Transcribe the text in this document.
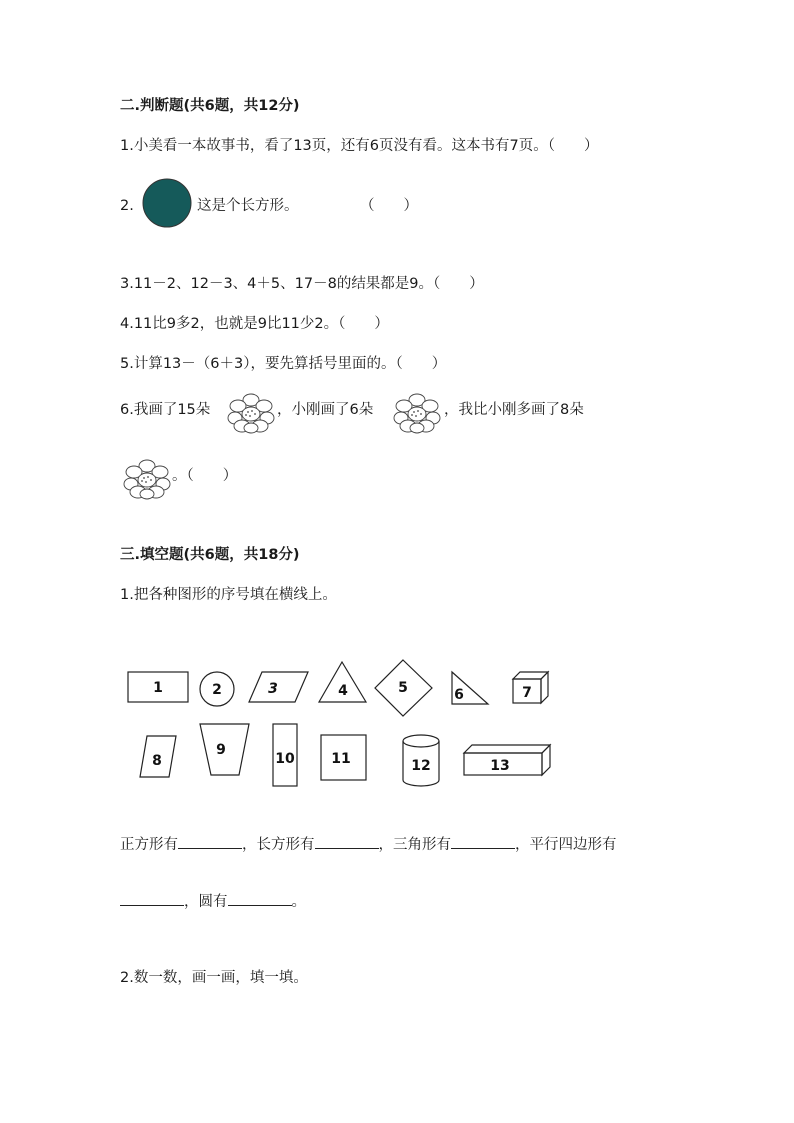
二.判断题(共6题，共12分)
1.小美看一本故事书，看了13页，还有6页没有看。这本书有7页。（　　）
2.	这是个长方形。	（　　）
3.11－2、12－3、4＋5、17－8的结果都是9。（　　）
4.11比9多2，也就是9比11少2。（　　）
5.计算13－（6＋3），要先算括号里面的。（　　）
6.我画了15朵	，小刚画了6朵	，我比小刚多画了8朵
。（　　）
三.填空题(共6题，共18分)
1.把各种图形的序号填在横线上。
1	2	3	4	5	6	7
8
9
10	11	12	13
正方形有	，长方形有	，三角形有	，平行四边形有
，圆有	。
2.数一数，画一画，填一填。
